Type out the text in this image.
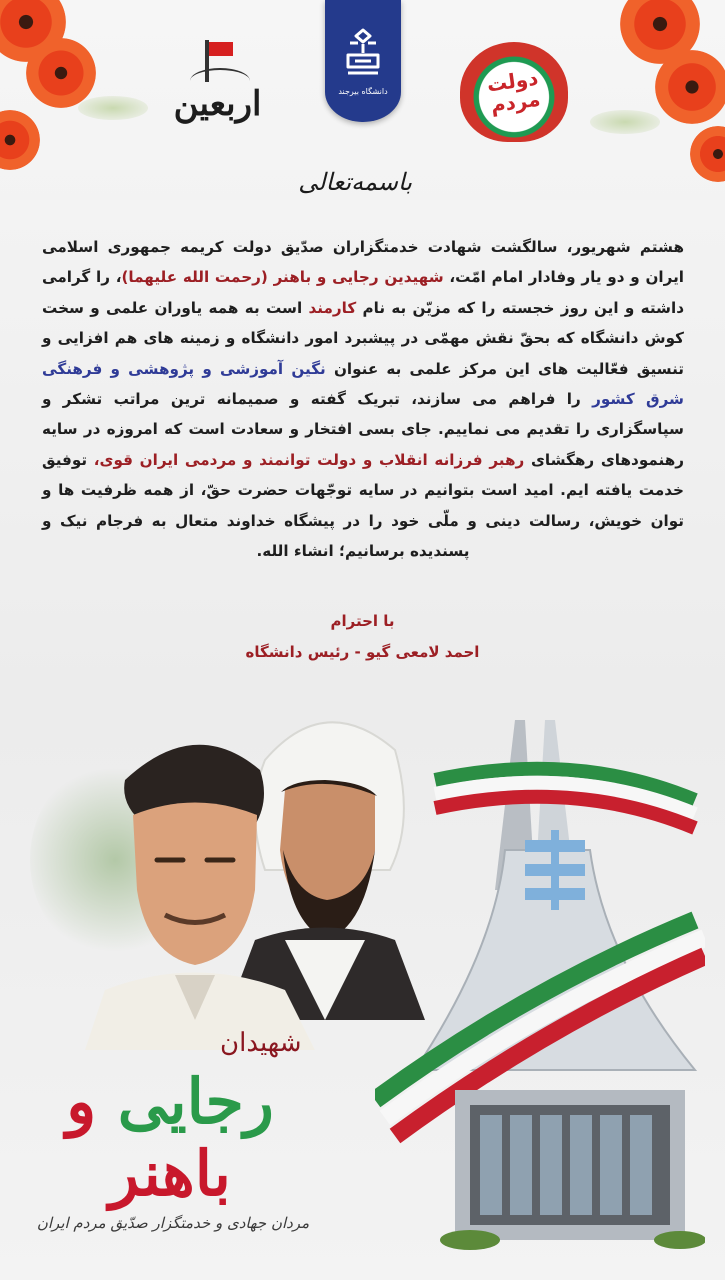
دانشگاه بیرجند
اربعین
دولت مردم
باسمه‌تعالی

هشتم شهریور، سالگشت شهادت خدمتگزاران صدّیق دولت کریمه جمهوری اسلامی ایران و دو یار وفادار امام امّت، شهیدین رجایی و باهنر (رحمت الله علیهما)، را گرامی داشته و این روز خجسته را که مزیّن به نام کارمند است به همه یاوران علمی و سخت کوش دانشگاه که بحقّ نقش مهمّی در پیشبرد امور دانشگاه و زمینه های هم افزایی و تنسیق فعّالیت های این مرکز علمی به عنوان نگین آموزشی و پژوهشی و فرهنگی شرق کشور را فراهم می سازند، تبریک گفته و صمیمانه ترین مراتب تشکر و سپاسگزاری را تقدیم می نماییم. جای بسی افتخار و سعادت است که امروزه در سایه رهنمودهای رهگشای رهبر فرزانه انقلاب و دولت توانمند و مردمی ایران قوی، توفیق خدمت یافته ایم. امید است بتوانیم در سایه توجّهات حضرت حقّ، از همه ظرفیت ها و توان خویش، رسالت دینی و ملّی خود را در پیشگاه خداوند متعال به فرجام نیک و پسندیده برسانیم؛ انشاء الله.

با احترام
احمد لامعی گیو - رئیس دانشگاه
شهیدان
رجایی و باهنر
مردان جهادی و خدمتگزار صدّیق مردم ایران
